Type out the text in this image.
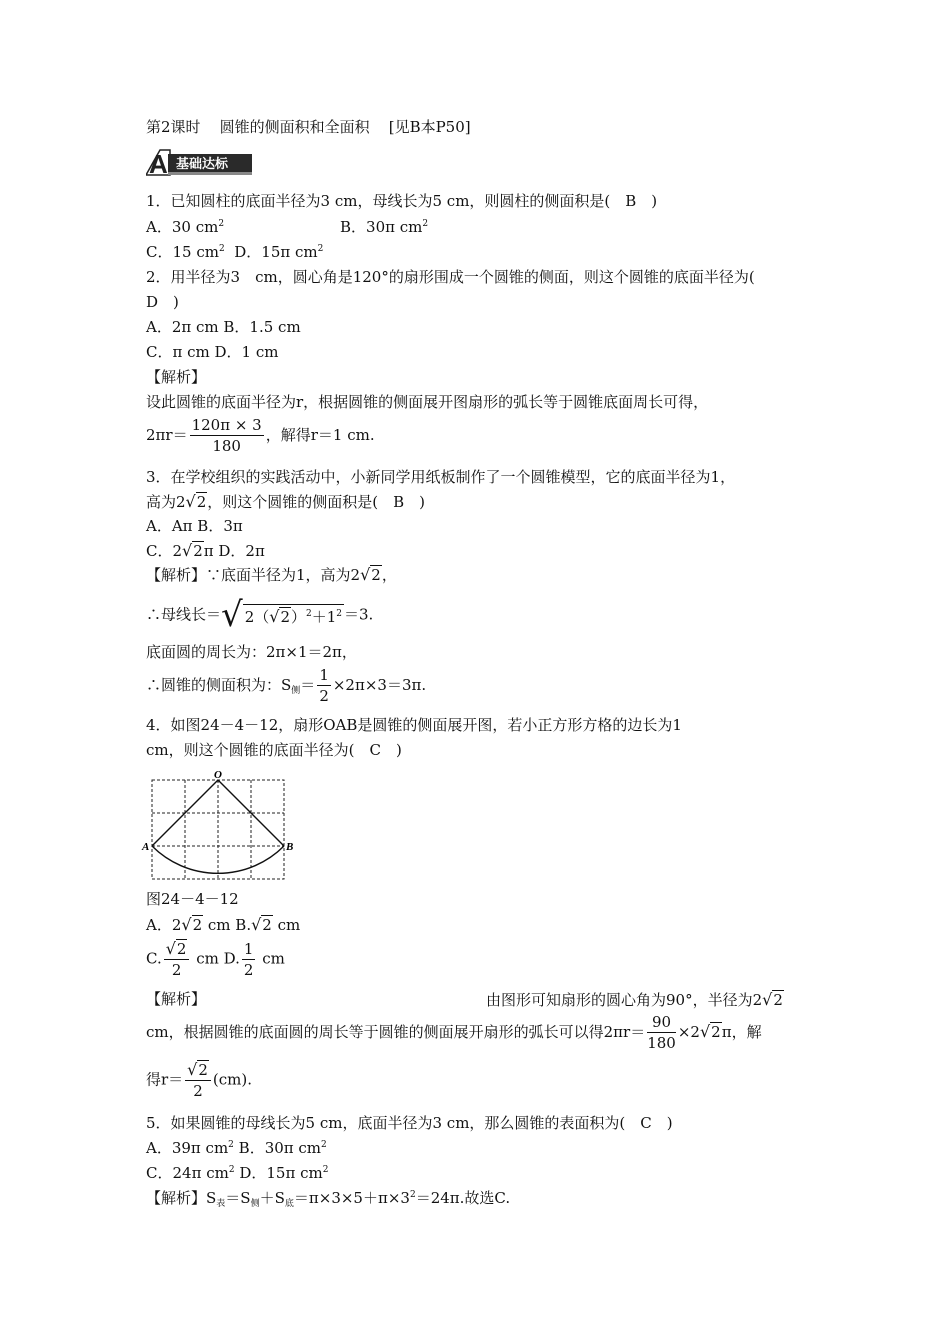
第2课时 圆锥的侧面积和全面积 [见B本P50]
A 基础达标
1．已知圆柱的底面半径为3 cm，母线长为5 cm，则圆柱的侧面积是(　B　)
A．30 $cm^2$	B．30π $cm^2$
C．15 $cm^2$ D．15π $cm^2$
2．用半径为3　cm，圆心角是120°的扇形围成一个圆锥的侧面，则这个圆锥的底面半径为(
D　)
A．2π cm B．1.5 cm
C．π cm D．1 cm
【解析】
设此圆锥的底面半径为r，根据圆锥的侧面展开图扇形的弧长等于圆锥底面周长可得，
$2\pi r= \frac{120\pi \times 3}{180}$ ，解得r＝1 cm.
3．在学校组织的实践活动中，小新同学用纸板制作了一个圆锥模型，它的底面半径为1，
高为2√2，则这个圆锥的侧面积是(　B　)
A．Aπ B．3π
C．2√2π D．2π
【解析】∵底面半径为1，高为2√2，
∴母线长＝√ $2(√2)^2+1^2 =3$.
底面圆的周长为：2π×1＝2π，
∴圆锥的侧面积为：$S_侧= \frac{1}{2} \times 2\pi\times 3=3\pi$.
4．如图24－4－12，扇形OAB是圆锥的侧面展开图，若小正方形方格的边长为1
cm，则这个圆锥的底面半径为(　C　)
O
A	B
图24－4－12
A．2√2 cm B.√2 cm
C. $\frac{√2}{2}$ cm D. $\frac{1}{2}$ cm
【解析】	由图形可知扇形的圆心角为90°，半径为2√2
cm，根据圆锥的底面圆的周长等于圆锥的侧面展开扇形的弧长可以得$2\pi r= \frac{90}{180} \times 2√2\pi$，解
得$r= \frac{√2}{2} (cm)$.
5．如果圆锥的母线长为5 cm，底面半径为3 cm，那么圆锥的表面积为(　C　)
A．39π $cm^2$ B．30π $cm^2$
C．24π $cm^2$ D．15π $cm^2$
【解析】$S_表=S_侧+S_底=\pi\times 3\times 5+\pi\times 3^2=24\pi$.故选C.
